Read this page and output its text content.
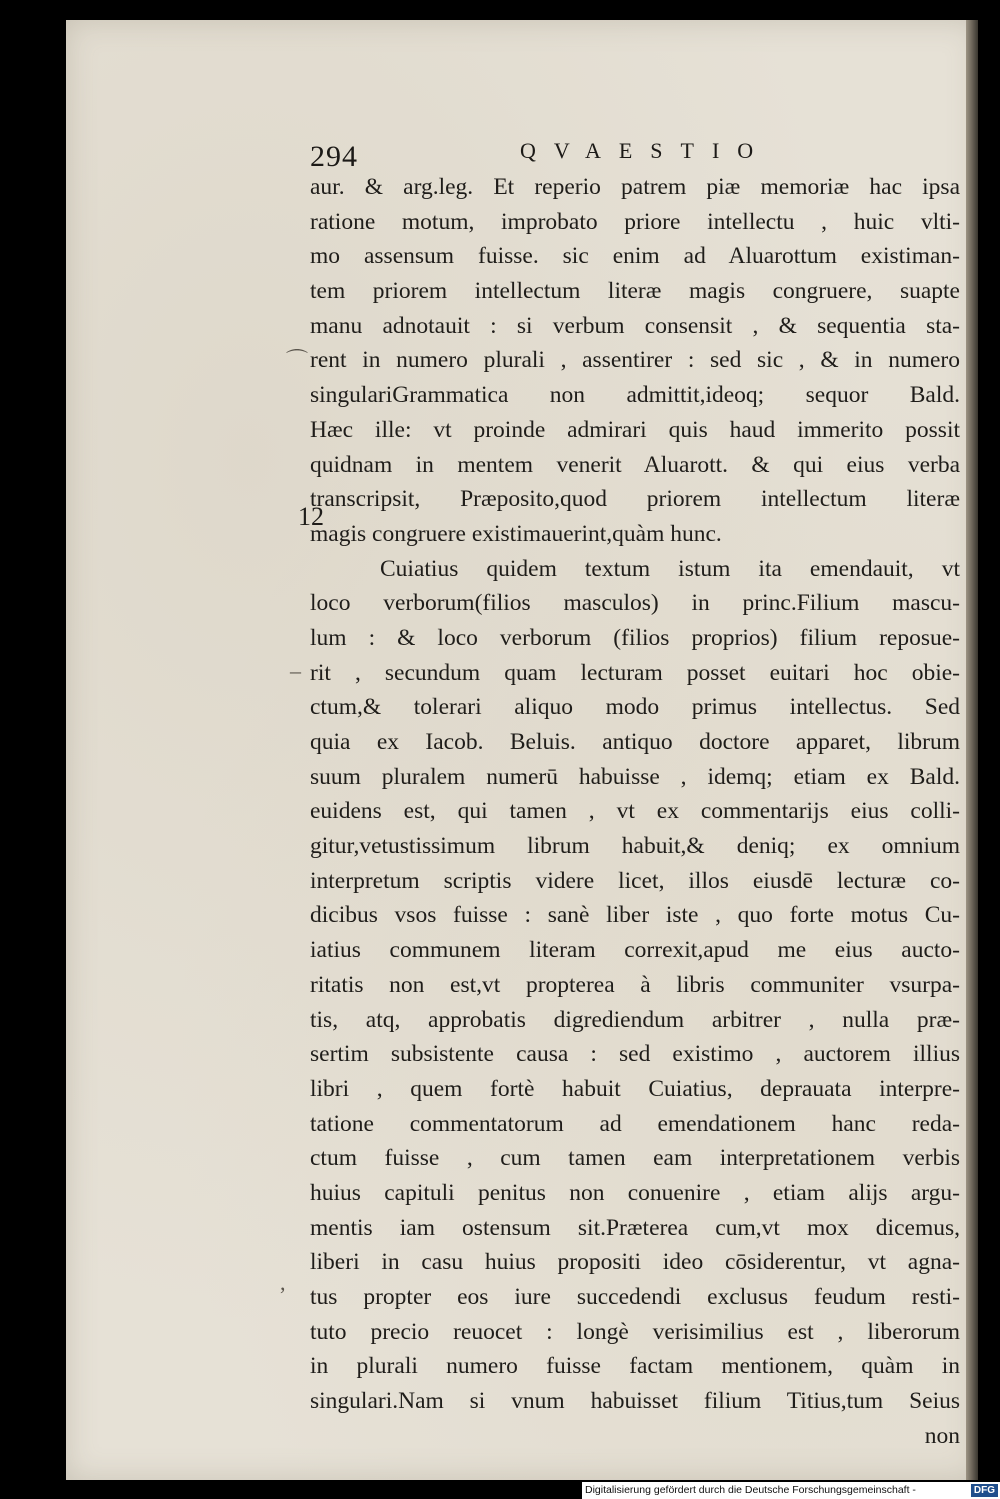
294	QVAESTIO
12
⌒
–
,
aur. & arg.leg. Et reperio patrem piæ memoriæ hac ipsa
ratione motum, improbato priore intellectu , huic vlti-
mo assensum fuisse. sic enim ad Aluarottum existiman-
tem priorem intellectum literæ magis congruere, suapte
manu adnotauit : si verbum consensit , & sequentia sta-
rent in numero plurali , assentirer : sed sic , & in numero
singulariGrammatica non admittit,ideoq; sequor Bald.
Hæc ille: vt proinde admirari quis haud immerito possit
quidnam in mentem venerit Aluarott. & qui eius verba
transcripsit, Præposito,quod priorem intellectum literæ
magis congruere existimauerint,quàm hunc.
Cuiatius quidem textum istum ita emendauit, vt
loco verborum(filios masculos) in princ.Filium mascu-
lum : & loco verborum (filios proprios) filium reposue-
rit , secundum quam lecturam posset euitari hoc obie-
ctum,& tolerari aliquo modo primus intellectus. Sed
quia ex Iacob. Beluis. antiquo doctore apparet, librum
suum pluralem numerū habuisse , idemq; etiam ex Bald.
euidens est, qui tamen , vt ex commentarijs eius colli-
gitur,vetustissimum librum habuit,& deniq; ex omnium
interpretum scriptis videre licet, illos eiusdē lecturæ co-
dicibus vsos fuisse : sanè liber iste , quo forte motus Cu-
iatius communem literam correxit,apud me eius aucto-
ritatis non est,vt propterea à libris communiter vsurpa-
tis, atq, approbatis digrediendum arbitrer , nulla præ-
sertim subsistente causa : sed existimo , auctorem illius
libri , quem fortè habuit Cuiatius, deprauata interpre-
tatione commentatorum ad emendationem hanc reda-
ctum fuisse , cum tamen eam interpretationem verbis
huius capituli penitus non conuenire , etiam alijs argu-
mentis iam ostensum sit.Præterea cum,vt mox dicemus,
liberi in casu huius propositi ideo cōsiderentur, vt agna-
tus propter eos iure succedendi exclusus feudum resti-
tuto precio reuocet : longè verisimilius est , liberorum
in plurali numero fuisse factam mentionem, quàm in
singulari.Nam si vnum habuisset filium Titius,tum Seius
non
Digitalisierung gefördert durch die Deutsche Forschungsgemeinschaft -	DFG
